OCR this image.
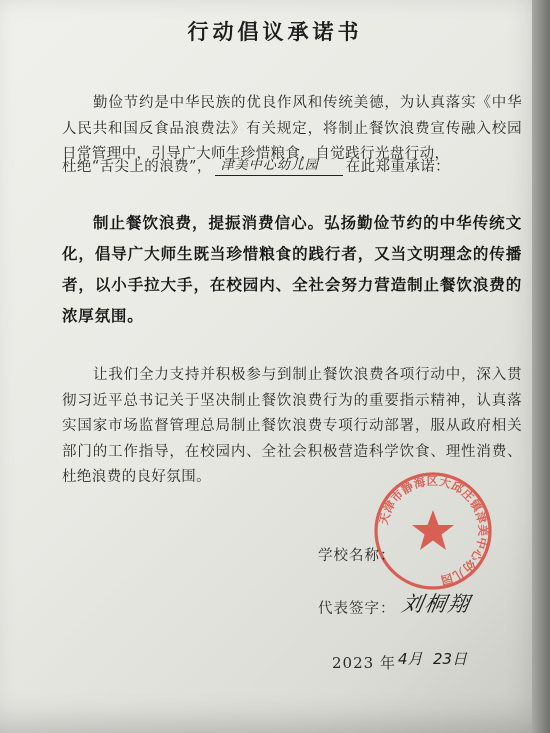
行动倡议承诺书
勤俭节约是中华民族的优良作风和传统美德，为认真落实《中华人民共和国反食品浪费法》有关规定，将制止餐饮浪费宣传融入校园日常管理中，引导广大师生珍惜粮食，自觉践行光盘行动，
杜绝“舌尖上的浪费”， 津美中心幼儿园 在此郑重承诺：
制止餐饮浪费，提振消费信心。弘扬勤俭节约的中华传统文化，倡导广大师生既当珍惜粮食的践行者，又当文明理念的传播者，以小手拉大手，在校园内、全社会努力营造制止餐饮浪费的浓厚氛围。
让我们全力支持并积极参与到制止餐饮浪费各项行动中，深入贯彻习近平总书记关于坚决制止餐饮浪费行为的重要指示精神，认真落实国家市场监督管理总局制止餐饮浪费专项行动部署，服从政府相关部门的工作指导，在校园内、全社会积极营造科学饮食、理性消费、杜绝浪费的良好氛围。
天津市静海区大邱庄镇津美中心幼儿园
学校名称：
代表签字： 刘桐翔
2023 年 4月 23日
